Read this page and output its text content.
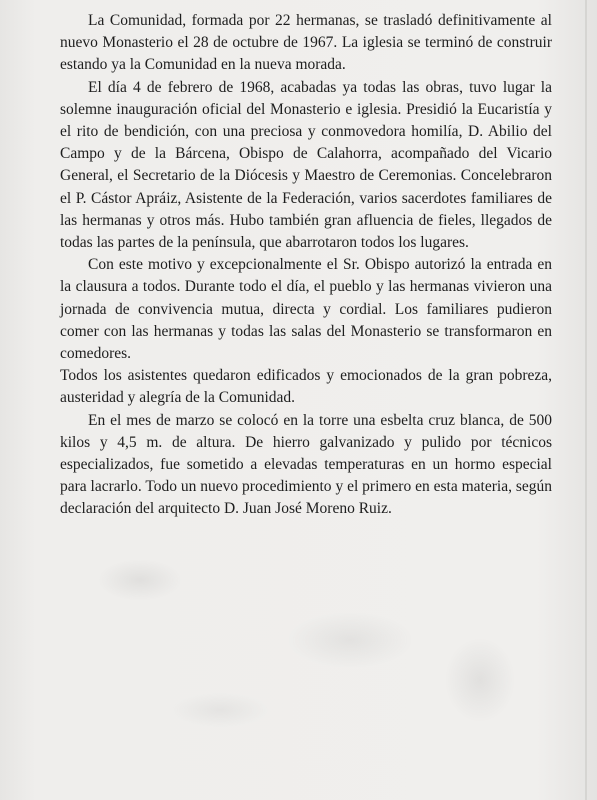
La Comunidad, formada por 22 hermanas, se trasladó definitivamente al nuevo Monasterio el 28 de octubre de 1967. La iglesia se terminó de construir estando ya la Comunidad en la nueva morada.

El día 4 de febrero de 1968, acabadas ya todas las obras, tuvo lugar la solemne inauguración oficial del Monasterio e iglesia. Presidió la Eucaristía y el rito de bendición, con una preciosa y conmovedora homilía, D. Abilio del Campo y de la Bárcena, Obispo de Calahorra, acompañado del Vicario General, el Secretario de la Diócesis y Maestro de Ceremonias. Concelebraron el P. Cástor Apráiz, Asistente de la Federación, varios sacerdotes familiares de las hermanas y otros más. Hubo también gran afluencia de fieles, llegados de todas las partes de la península, que abarrotaron todos los lugares.

Con este motivo y excepcionalmente el Sr. Obispo autorizó la entrada en la clausura a todos. Durante todo el día, el pueblo y las hermanas vivieron una jornada de convivencia mutua, directa y cordial. Los familiares pudieron comer con las hermanas y todas las salas del Monasterio se transformaron en comedores.

Todos los asistentes quedaron edificados y emocionados de la gran pobreza, austeridad y alegría de la Comunidad.

En el mes de marzo se colocó en la torre una esbelta cruz blanca, de 500 kilos y 4,5 m. de altura. De hierro galvanizado y pulido por técnicos especializados, fue sometido a elevadas temperaturas en un hormo especial para lacrarlo. Todo un nuevo procedimiento y el primero en esta materia, según declaración del arquitecto D. Juan José Moreno Ruiz.
